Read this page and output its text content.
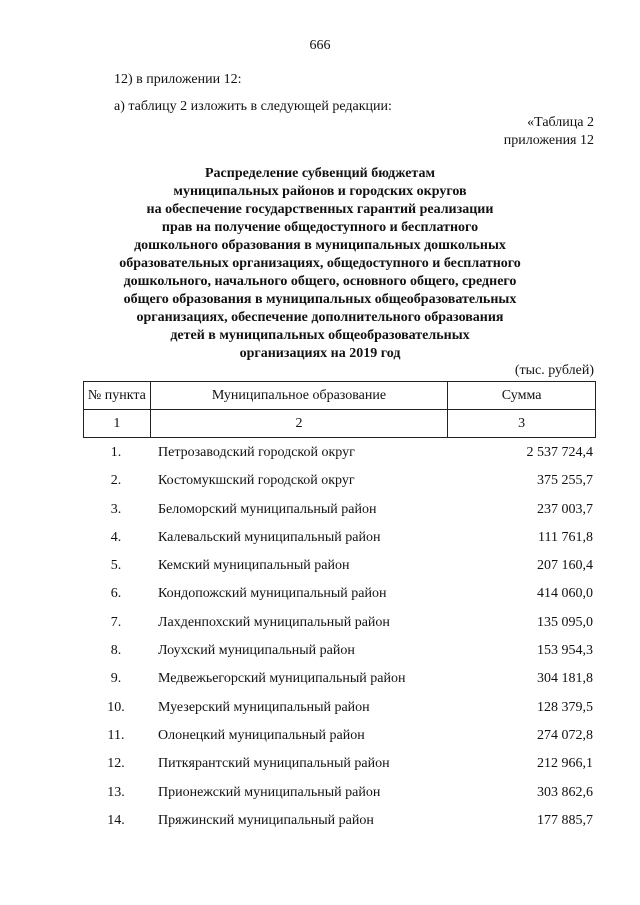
666
12) в приложении 12:
а) таблицу 2 изложить в следующей редакции:
«Таблица 2
приложения 12
Распределение субвенций бюджетам
муниципальных районов и городских округов
на обеспечение государственных гарантий реализации
прав на получение общедоступного и бесплатного
дошкольного образования в муниципальных дошкольных
образовательных организациях, общедоступного и бесплатного
дошкольного, начального общего, основного общего, среднего
общего образования в муниципальных общеобразовательных
организациях, обеспечение дополнительного образования
детей в муниципальных общеобразовательных
организациях на 2019 год
(тыс. рублей)
№ пункта	Муниципальное образование	Сумма
1	2	3
1.	Петрозаводский городской округ	2 537 724,4
2.	Костомукшский городской округ	375 255,7
3.	Беломорский муниципальный район	237 003,7
4.	Калевальский муниципальный район	111 761,8
5.	Кемский муниципальный район	207 160,4
6.	Кондопожский муниципальный район	414 060,0
7.	Лахденпохский муниципальный район	135 095,0
8.	Лоухский муниципальный район	153 954,3
9.	Медвежьегорский муниципальный район	304 181,8
10.	Муезерский муниципальный район	128 379,5
11.	Олонецкий муниципальный район	274 072,8
12.	Питкярантский муниципальный район	212 966,1
13.	Прионежский муниципальный район	303 862,6
14.	Пряжинский муниципальный район	177 885,7
